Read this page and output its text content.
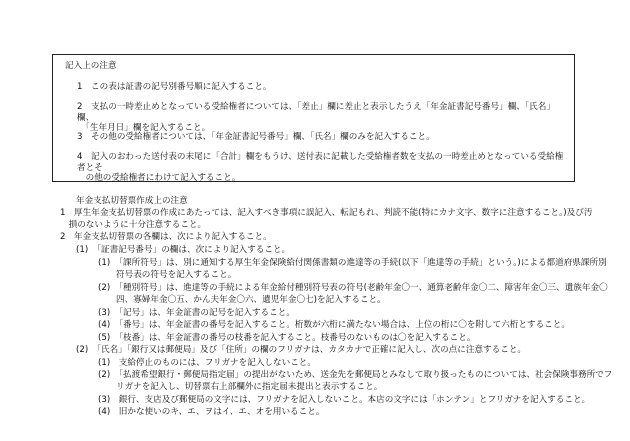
記入上の注意
1　この表は証書の記号別番号順に記入すること。
2　支払の一時差止めとなっている受給権者については、「差止」欄に差止と表示したうえ「年金証書記号番号」欄、「氏名」欄、
　「生年月日」欄を記入すること。
3　その他の受給権者については、「年金証書記号番号」欄、「氏名」欄のみを記入すること。
4　記入のおわった送付表の末尾に「合計」欄をもうけ、送付表に記載した受給権者数を支払の一時差止めとなっている受給権者とそ
　の他の受給権者にわけて記入すること。
年金支払切替票作成上の注意
1　厚生年金支払切替票の作成にあたっては、記入すべき事項に誤記入、転記もれ、判読不能(特にカナ文字、数字に注意すること。)及び汚
　損のないように十分注意すること。
2　年金支払切替票の各欄は、次により記入すること。
(1)　「証書記号番号」の欄は、次により記入すること。
(1)　「課所符号」は、別に通知する厚生年金保険給付関係書類の進達等の手続(以下「進達等の手続」という。)による都道府県課所別
符号表の符号を記入すること。
(2)　「種別符号」は、進達等の手続による年金給付種別符号表の符号(老齢年金〇一、通算老齢年金〇二、障害年金〇三、遺族年金〇
四、寡婦年金〇五、かん夫年金〇六、遺児年金〇七)を記入すること。
(3)　「記号」は、年金証書の記号を記入すること。
(4)　「番号」は、年金証書の番号を記入すること。桁数が六桁に満たない場合は、上位の桁に〇を附して六桁とすること。
(5)　「枝番」は、年金証書の番号の枝番を記入すること。枝番号のないものは〇を記入すること。
(2)　「氏名」「銀行又は郵便局」及び「住所」の欄のフリガナは、カタカナで正確に記入し、次の点に注意すること。
(1)　支給停止のものには、フリガナを記入しないこと。
(2)　「払渡希望銀行・郵便局指定届」の提出がないため、送金先を郵便局とみなして取り扱ったものについては、社会保険事務所でフ
リガナを記入し、切替票右上部欄外に指定届未提出と表示すること。
(3)　銀行、支店及び郵便局の文字には、フリガナを記入しないこと。本店の文字には「ホンテン」とフリガナを記入すること。
(4)　旧かな使いのキ、エ、ヲはイ、エ、オを用いること。
